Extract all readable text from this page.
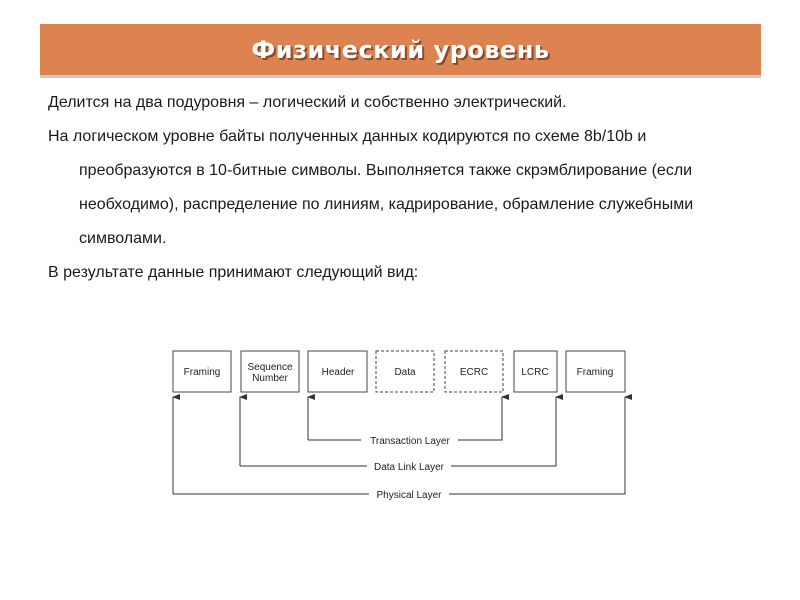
Физический уровень

Делится на два подуровня – логический и собственно электрический.

На логическом уровне байты полученных данных кодируются по схеме 8b/10b и преобразуются в 10-битные символы. Выполняется также скрэмблирование (если необходимо), распределение по линиям, кадрирование, обрамление служебными символами.

В результате данные принимают следующий вид:

Framing	Sequence
Number
Header	Data	ECRC	LCRC	Framing
Transaction Layer
Data Link Layer
Physical Layer
